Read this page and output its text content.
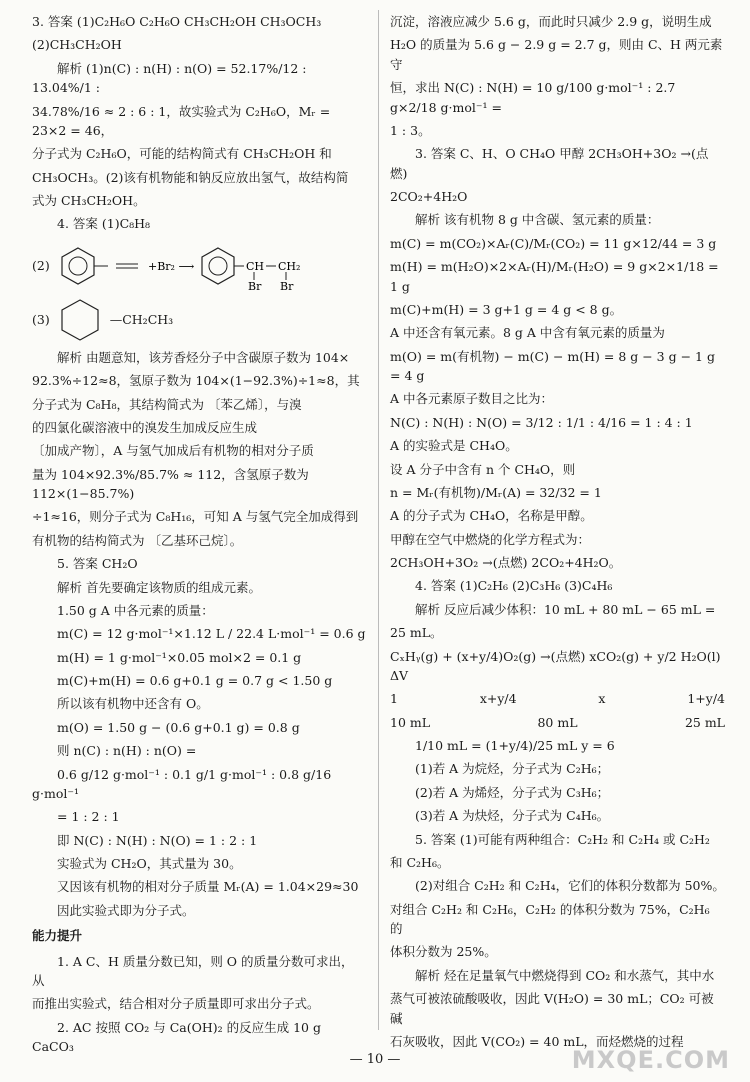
3. 答案 (1)C₂H₆O C₂H₆O CH₃CH₂OH CH₃OCH₃

(2)CH₃CH₂OH

解析 (1)n(C) : n(H) : n(O) = 52.17%/12 : 13.04%/1 :

34.78%/16 ≈ 2 : 6 : 1，故实验式为 C₂H₆O，Mᵣ = 23×2 = 46，

分子式为 C₂H₆O，可能的结构简式有 CH₃CH₂OH 和

CH₃OCH₃。(2)该有机物能和钠反应放出氢气，故结构简

式为 CH₃CH₂OH。

4. 答案 (1)C₈H₈

(2)	+Br₂ ⟶	CH CH₂
Br Br
(3)	—CH₂CH₃

解析 由题意知，该芳香烃分子中含碳原子数为 104×

92.3%÷12≈8，氢原子数为 104×(1−92.3%)÷1≈8，其

分子式为 C₈H₈，其结构简式为 〔苯乙烯〕，与溴

的四氯化碳溶液中的溴发生加成反应生成

〔加成产物〕，A 与氢气加成后有机物的相对分子质

量为 104×92.3%/85.7% ≈ 112，含氢原子数为 112×(1−85.7%)

÷1≈16，则分子式为 C₈H₁₆，可知 A 与氢气完全加成得到

有机物的结构简式为 〔乙基环己烷〕。

5. 答案 CH₂O

解析 首先要确定该物质的组成元素。

1.50 g A 中各元素的质量：

m(C) = 12 g·mol⁻¹×1.12 L / 22.4 L·mol⁻¹ = 0.6 g

m(H) = 1 g·mol⁻¹×0.05 mol×2 = 0.1 g

m(C)+m(H) = 0.6 g+0.1 g = 0.7 g < 1.50 g

所以该有机物中还含有 O。

m(O) = 1.50 g − (0.6 g+0.1 g) = 0.8 g

则 n(C) : n(H) : n(O) =

0.6 g/12 g·mol⁻¹ : 0.1 g/1 g·mol⁻¹ : 0.8 g/16 g·mol⁻¹

= 1 : 2 : 1

即 N(C) : N(H) : N(O) = 1 : 2 : 1

实验式为 CH₂O，其式量为 30。

又因该有机物的相对分子质量 Mᵣ(A) = 1.04×29≈30

因此实验式即为分子式。

能力提升

1. A C、H 质量分数已知，则 O 的质量分数可求出，从

而推出实验式，结合相对分子质量即可求出分子式。

2. AC 按照 CO₂ 与 Ca(OH)₂ 的反应生成 10 g CaCO₃

沉淀，溶液应减少 5.6 g，而此时只减少 2.9 g，说明生成

H₂O 的质量为 5.6 g − 2.9 g = 2.7 g，则由 C、H 两元素守

恒，求出 N(C) : N(H) = 10 g/100 g·mol⁻¹ : 2.7 g×2/18 g·mol⁻¹ =

1 : 3。

3. 答案 C、H、O CH₄O 甲醇 2CH₃OH+3O₂ →(点燃)

2CO₂+4H₂O

解析 该有机物 8 g 中含碳、氢元素的质量：

m(C) = m(CO₂)×Aᵣ(C)/Mᵣ(CO₂) = 11 g×12/44 = 3 g

m(H) = m(H₂O)×2×Aᵣ(H)/Mᵣ(H₂O) = 9 g×2×1/18 = 1 g

m(C)+m(H) = 3 g+1 g = 4 g < 8 g。

A 中还含有氧元素。8 g A 中含有氧元素的质量为

m(O) = m(有机物) − m(C) − m(H) = 8 g − 3 g − 1 g = 4 g

A 中各元素原子数目之比为：

N(C) : N(H) : N(O) = 3/12 : 1/1 : 4/16 = 1 : 4 : 1

A 的实验式是 CH₄O。

设 A 分子中含有 n 个 CH₄O，则

n = Mᵣ(有机物)/Mᵣ(A) = 32/32 = 1

A 的分子式为 CH₄O，名称是甲醇。

甲醇在空气中燃烧的化学方程式为：

2CH₃OH+3O₂ →(点燃) 2CO₂+4H₂O。

4. 答案 (1)C₂H₆ (2)C₃H₆ (3)C₄H₆

解析 反应后减少体积：10 mL + 80 mL − 65 mL =

25 mL。

CₓHᵧ(g) + (x+y/4)O₂(g) →(点燃) xCO₂(g) + y/2 H₂O(l) ΔV

1	x+y/4	x	1+y/4
10 mL	80 mL	25 mL

1/10 mL = (1+y/4)/25 mL y = 6

(1)若 A 为烷烃，分子式为 C₂H₆；

(2)若 A 为烯烃，分子式为 C₃H₆；

(3)若 A 为炔烃，分子式为 C₄H₆。

5. 答案 (1)可能有两种组合：C₂H₂ 和 C₂H₄ 或 C₂H₂

和 C₂H₆。

(2)对组合 C₂H₂ 和 C₂H₄，它们的体积分数都为 50%。

对组合 C₂H₂ 和 C₂H₆，C₂H₂ 的体积分数为 75%，C₂H₆ 的

体积分数为 25%。

解析 烃在足量氧气中燃烧得到 CO₂ 和水蒸气，其中水

蒸气可被浓硫酸吸收，因此 V(H₂O) = 30 mL；CO₂ 可被碱

石灰吸收，因此 V(CO₂) = 40 mL，而烃燃烧的过程

— 10 —	MXQE.COM
